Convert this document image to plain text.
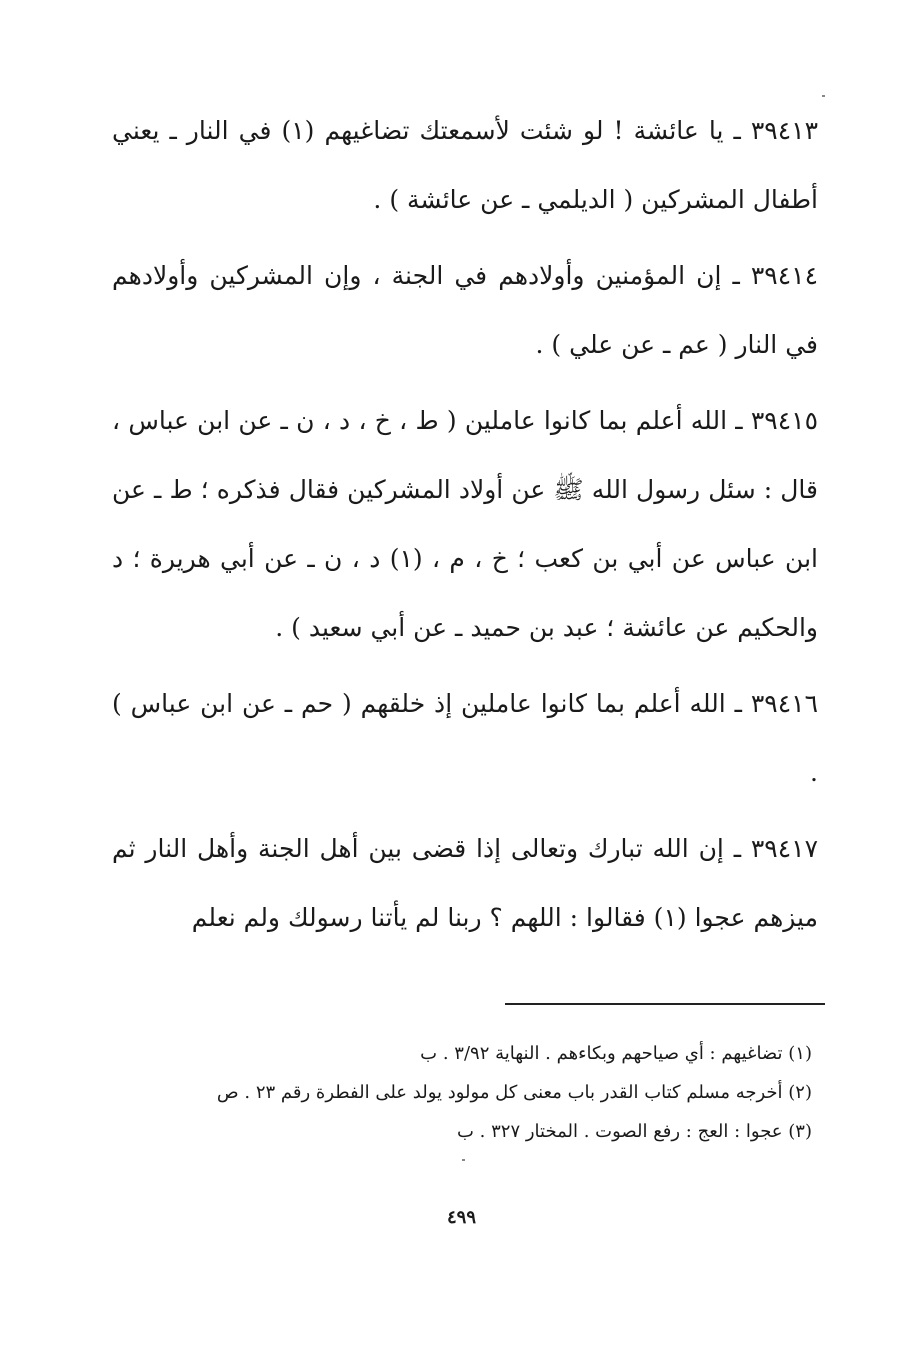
٣٩٤١٣ ـ يا عائشة ! لو شئت لأسمعتك تضاغيهم (١) في النار ـ يعني أطفال المشركين ( الديلمي ـ عن عائشة ) .

٣٩٤١٤ ـ إن المؤمنين وأولادهم في الجنة ، وإن المشركين وأولادهم في النار ( عم ـ عن علي ) .

٣٩٤١٥ ـ الله أعلم بما كانوا عاملين ( ط ، خ ، د ، ن ـ عن ابن عباس ، قال : سئل رسول الله ﷺ عن أولاد المشركين فقال فذكره ؛ ط ـ عن ابن عباس عن أبي بن كعب ؛ خ ، م ، (١) د ، ن ـ عن أبي هريرة ؛ د والحكيم عن عائشة ؛ عبد بن حميد ـ عن أبي سعيد ) .

٣٩٤١٦ ـ الله أعلم بما كانوا عاملين إذ خلقهم ( حم ـ عن ابن عباس ) .

٣٩٤١٧ ـ إن الله تبارك وتعالى إذا قضى بين أهل الجنة وأهل النار ثم ميزهم عجوا (١) فقالوا : اللهم ؟ ربنا لم يأتنا رسولك ولم نعلم

(١) تضاغيهم : أي صياحهم وبكاءهم . النهاية ٣/٩٢ . ب
(٢) أخرجه مسلم كتاب القدر باب معنى كل مولود يولد على الفطرة رقم ٢٣ . ص
(٣) عجوا : العج : رفع الصوت . المختار ٣٢٧ . ب
٤٩٩
